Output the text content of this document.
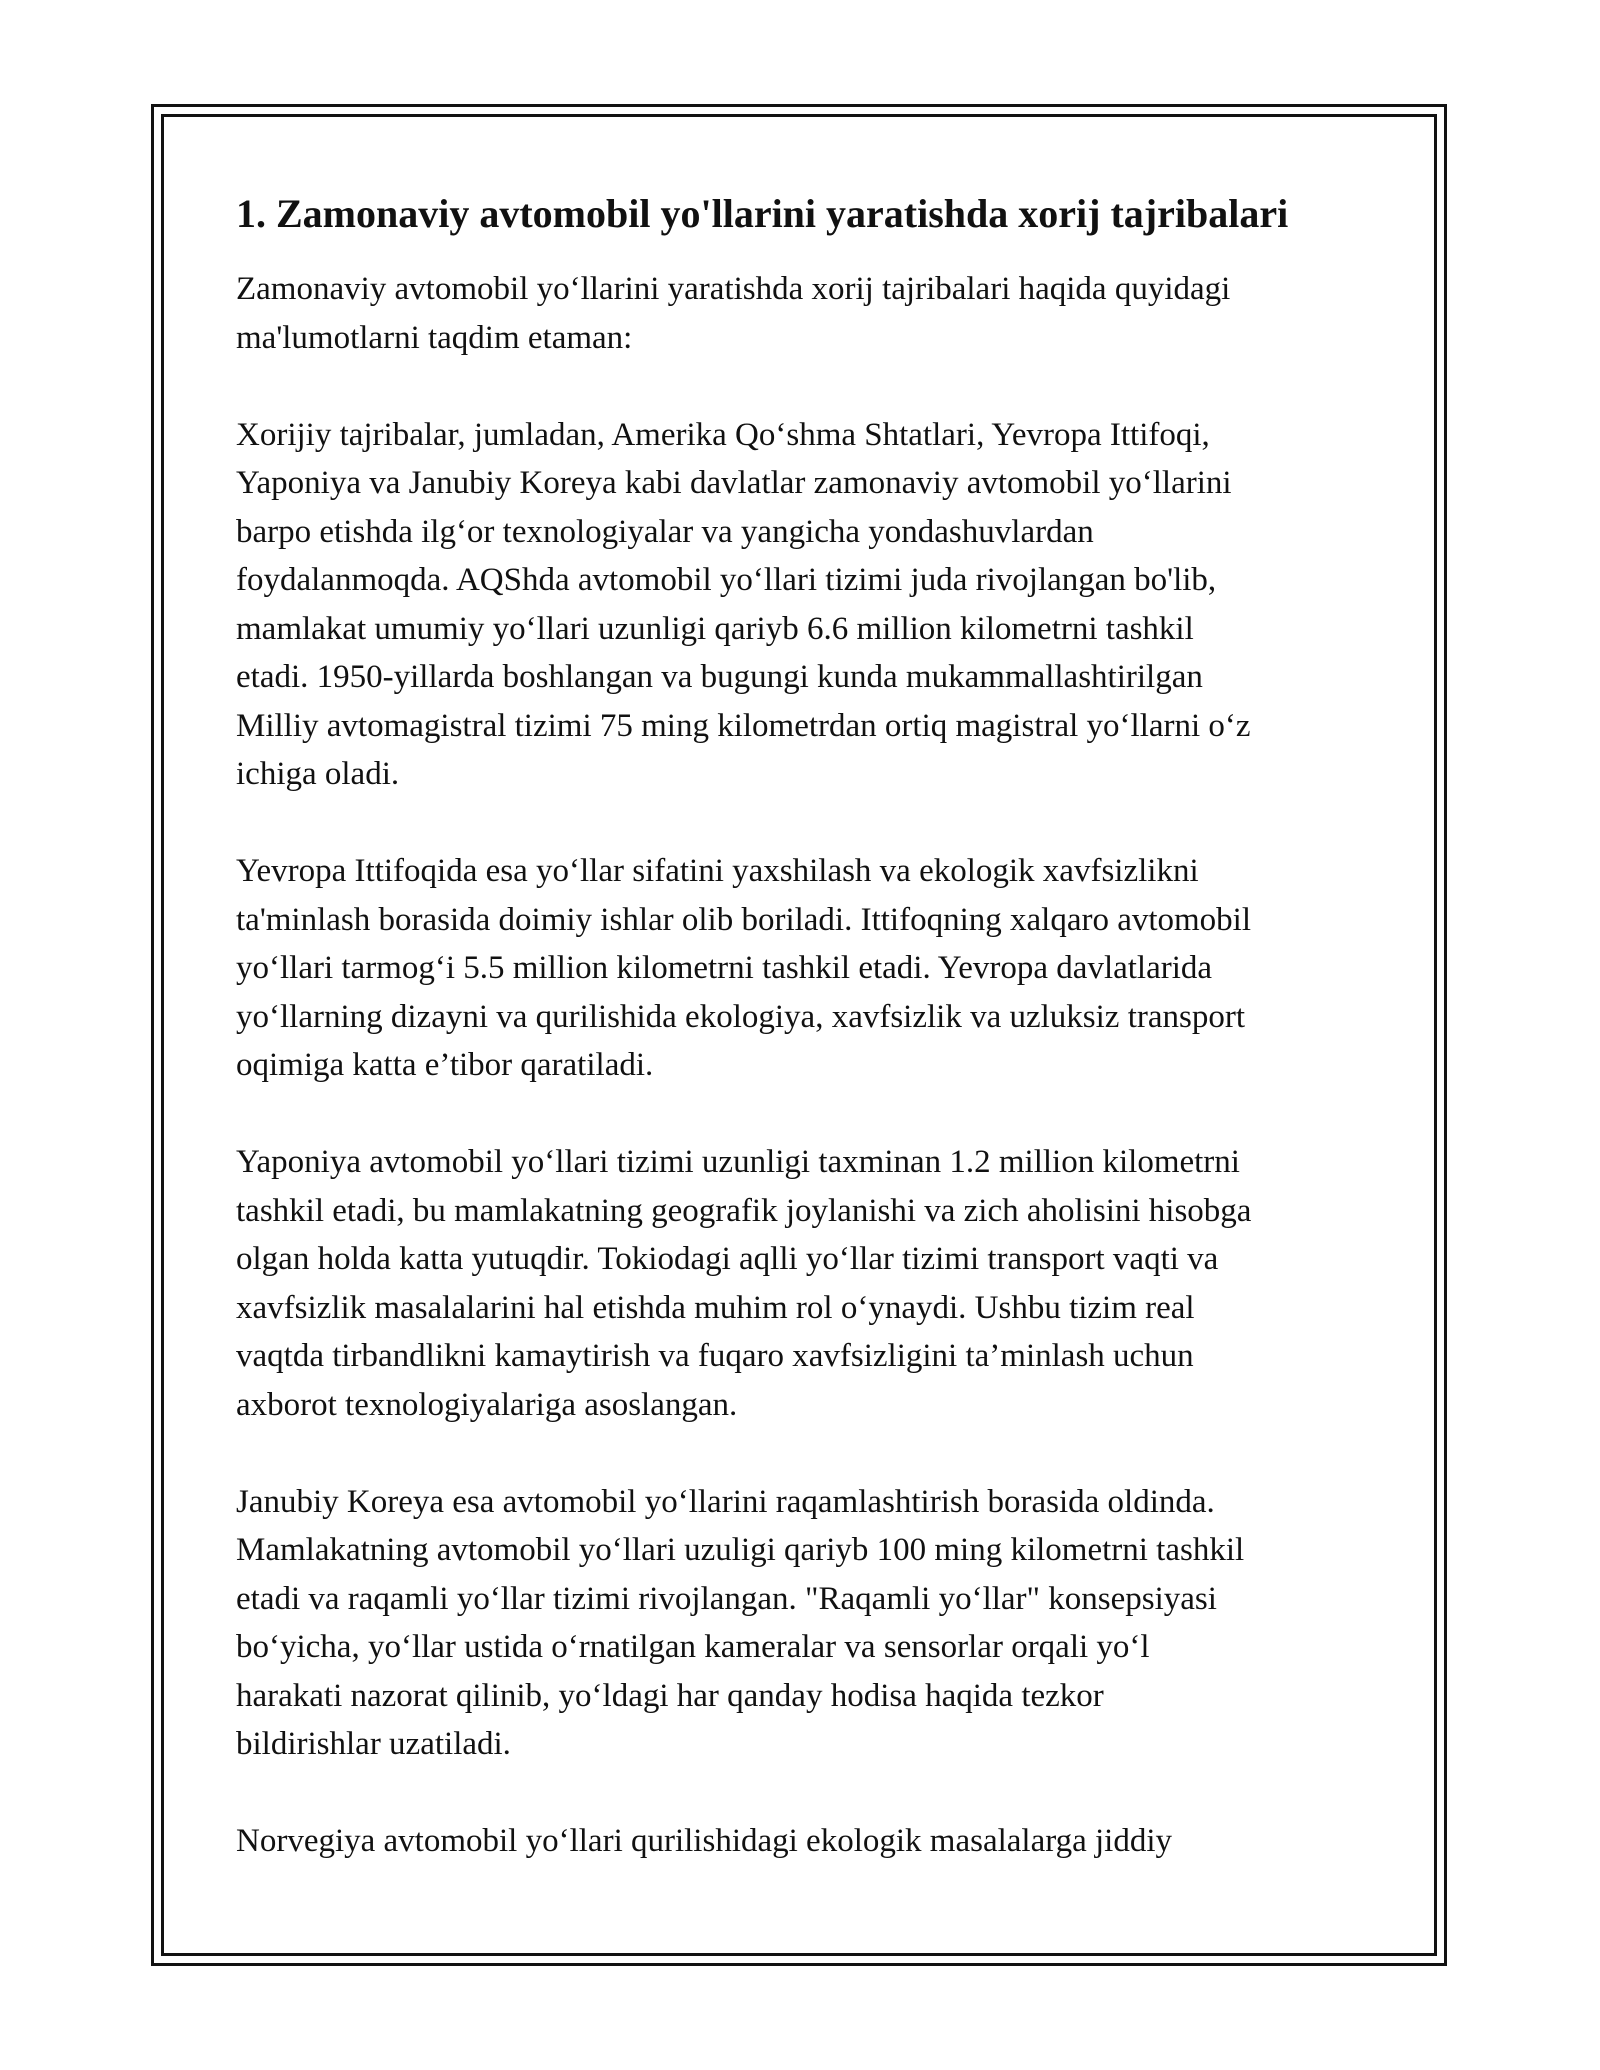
1. Zamonaviy avtomobil yo'llarini yaratishda xorij tajribalari

Zamonaviy avtomobil yo‘llarini yaratishda xorij tajribalari haqida quyidagi
ma'lumotlarni taqdim etaman:

Xorijiy tajribalar, jumladan, Amerika Qo‘shma Shtatlari, Yevropa Ittifoqi,
Yaponiya va Janubiy Koreya kabi davlatlar zamonaviy avtomobil yo‘llarini
barpo etishda ilg‘or texnologiyalar va yangicha yondashuvlardan
foydalanmoqda. AQShda avtomobil yo‘llari tizimi juda rivojlangan bo'lib,
mamlakat umumiy yo‘llari uzunligi qariyb 6.6 million kilometrni tashkil
etadi. 1950-yillarda boshlangan va bugungi kunda mukammallashtirilgan
Milliy avtomagistral tizimi 75 ming kilometrdan ortiq magistral yo‘llarni o‘z
ichiga oladi.

Yevropa Ittifoqida esa yo‘llar sifatini yaxshilash va ekologik xavfsizlikni
ta'minlash borasida doimiy ishlar olib boriladi. Ittifoqning xalqaro avtomobil
yo‘llari tarmog‘i 5.5 million kilometrni tashkil etadi. Yevropa davlatlarida
yo‘llarning dizayni va qurilishida ekologiya, xavfsizlik va uzluksiz transport
oqimiga katta e’tibor qaratiladi.

Yaponiya avtomobil yo‘llari tizimi uzunligi taxminan 1.2 million kilometrni
tashkil etadi, bu mamlakatning geografik joylanishi va zich aholisini hisobga
olgan holda katta yutuqdir. Tokiodagi aqlli yo‘llar tizimi transport vaqti va
xavfsizlik masalalarini hal etishda muhim rol o‘ynaydi. Ushbu tizim real
vaqtda tirbandlikni kamaytirish va fuqaro xavfsizligini ta’minlash uchun
axborot texnologiyalariga asoslangan.

Janubiy Koreya esa avtomobil yo‘llarini raqamlashtirish borasida oldinda.
Mamlakatning avtomobil yo‘llari uzuligi qariyb 100 ming kilometrni tashkil
etadi va raqamli yo‘llar tizimi rivojlangan. "Raqamli yo‘llar" konsepsiyasi
bo‘yicha, yo‘llar ustida o‘rnatilgan kameralar va sensorlar orqali yo‘l
harakati nazorat qilinib, yo‘ldagi har qanday hodisa haqida tezkor
bildirishlar uzatiladi.

Norvegiya avtomobil yo‘llari qurilishidagi ekologik masalalarga jiddiy
